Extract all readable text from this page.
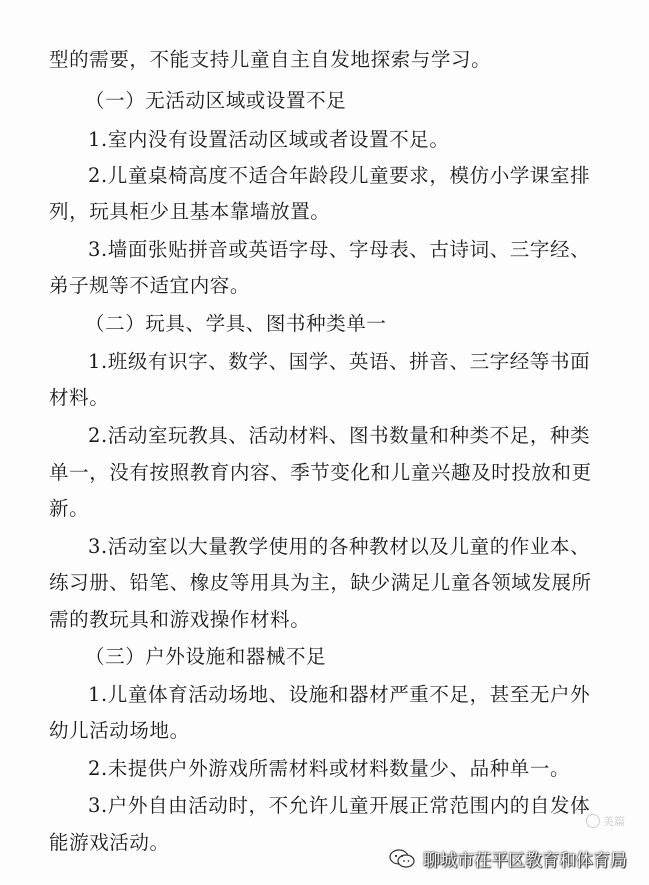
型的需要，不能支持儿童自主自发地探索与学习。
（一）无活动区域或设置不足
1.室内没有设置活动区域或者设置不足。
2.儿童桌椅高度不适合年龄段儿童要求，模仿小学课室排
列，玩具柜少且基本靠墙放置。
3.墙面张贴拼音或英语字母、字母表、古诗词、三字经、
弟子规等不适宜内容。
（二）玩具、学具、图书种类单一
1.班级有识字、数学、国学、英语、拼音、三字经等书面
材料。
2.活动室玩教具、活动材料、图书数量和种类不足，种类
单一，没有按照教育内容、季节变化和儿童兴趣及时投放和更
新。
3.活动室以大量教学使用的各种教材以及儿童的作业本、
练习册、铅笔、橡皮等用具为主，缺少满足儿童各领域发展所
需的教玩具和游戏操作材料。
（三）户外设施和器械不足
1.儿童体育活动场地、设施和器材严重不足，甚至无户外
幼儿活动场地。
2.未提供户外游戏所需材料或材料数量少、品种单一。
3.户外自由活动时，不允许儿童开展正常范围内的自发体
能游戏活动。
美篇
聊城市茌平区教育和体育局
